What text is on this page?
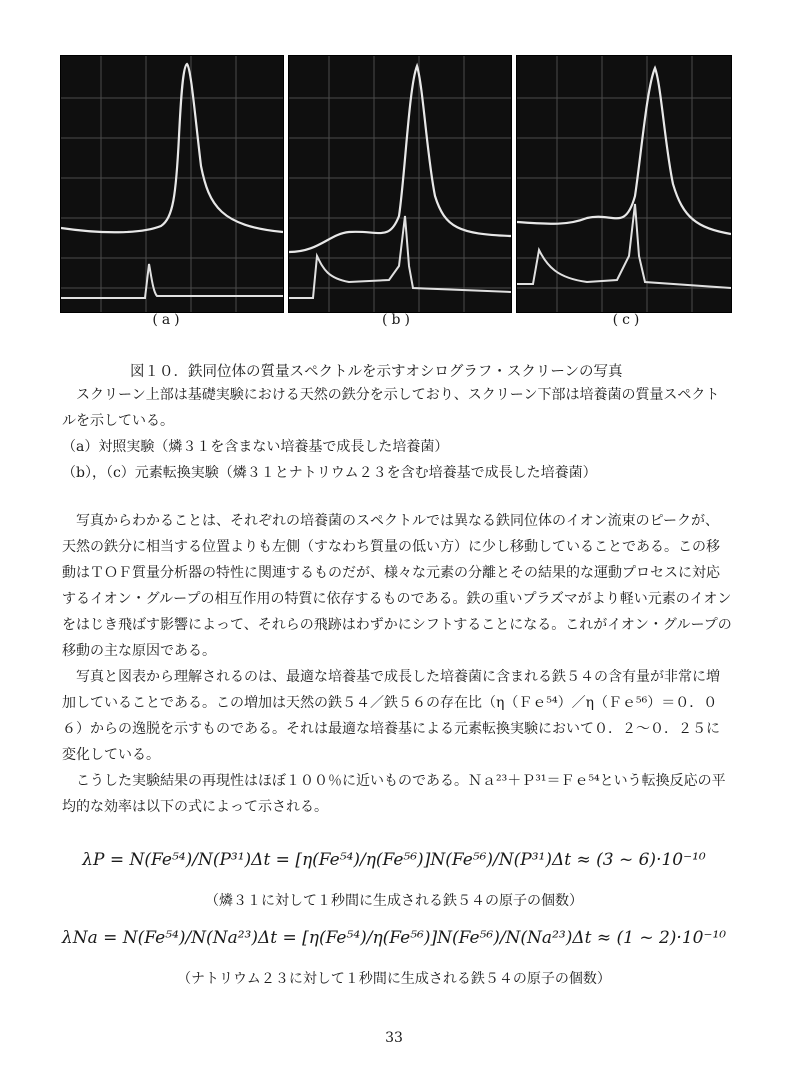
(a)	(b)	(c)
図１０．鉄同位体の質量スペクトルを示すオシログラフ・スクリーンの写真

スクリーン上部は基礎実験における天然の鉄分を示しており、スクリーン下部は培養菌の質量スペクトルを示している。

（a）対照実験（燐３１を含まない培養基で成長した培養菌）

（b），（c）元素転換実験（燐３１とナトリウム２３を含む培養基で成長した培養菌）

写真からわかることは、それぞれの培養菌のスペクトルでは異なる鉄同位体のイオン流束のピークが、天然の鉄分に相当する位置よりも左側（すなわち質量の低い方）に少し移動していることである。この移動はＴＯＦ質量分析器の特性に関連するものだが、様々な元素の分離とその結果的な運動プロセスに対応するイオン・グループの相互作用の特質に依存するものである。鉄の重いプラズマがより軽い元素のイオンをはじき飛ばす影響によって、それらの飛跡はわずかにシフトすることになる。これがイオン・グループの移動の主な原因である。

写真と図表から理解されるのは、最適な培養基で成長した培養菌に含まれる鉄５４の含有量が非常に増加していることである。この増加は天然の鉄５４／鉄５６の存在比（η（Ｆｅ⁵⁴）／η（Ｆｅ⁵⁶）＝０．０６）からの逸脱を示すものである。それは最適な培養基による元素転換実験において０．２〜０．２５に変化している。

こうした実験結果の再現性はほぼ１００％に近いものである。Ｎａ²³＋Ｐ³¹＝Ｆｅ⁵⁴という転換反応の平均的な効率は以下の式によって示される。

λP = N(Fe⁵⁴)/N(P³¹)Δt = [η(Fe⁵⁴)/η(Fe⁵⁶)]N(Fe⁵⁶)/N(P³¹)Δt ≈ (3 ~ 6)·10⁻¹⁰
（燐３１に対して１秒間に生成される鉄５４の原子の個数）
λNa = N(Fe⁵⁴)/N(Na²³)Δt = [η(Fe⁵⁴)/η(Fe⁵⁶)]N(Fe⁵⁶)/N(Na²³)Δt ≈ (1 ~ 2)·10⁻¹⁰
（ナトリウム２３に対して１秒間に生成される鉄５４の原子の個数）
33
